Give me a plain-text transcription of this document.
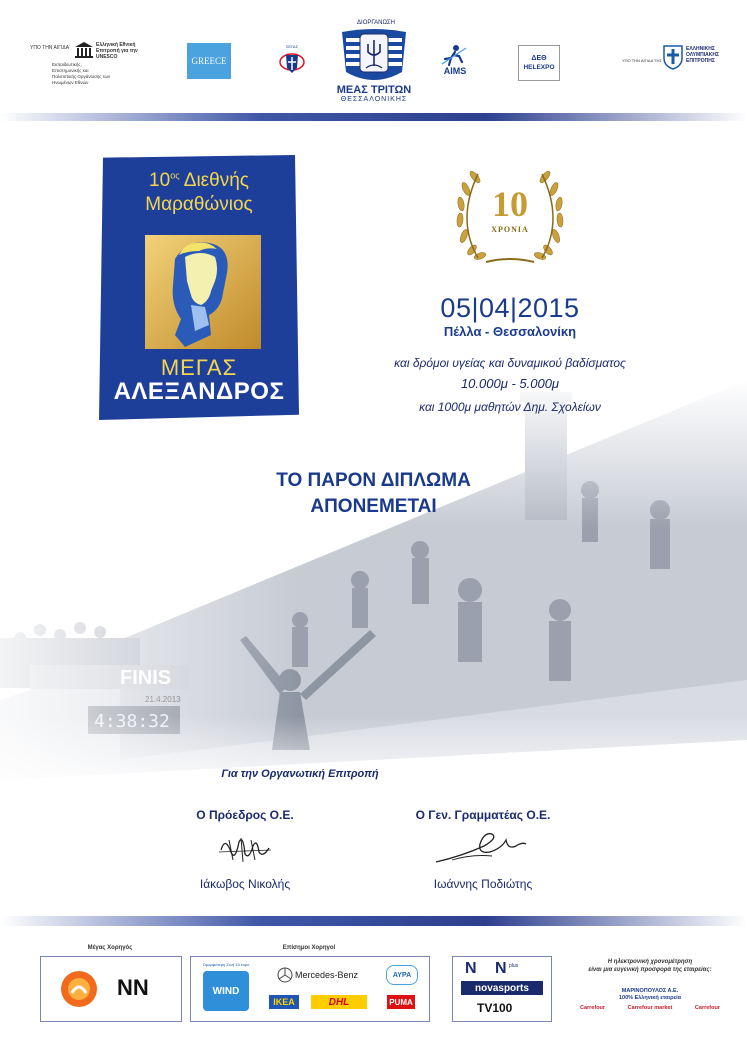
ΥΠΟ ΤΗΝ ΑΙΓΙΔΑ	Ελληνική Εθνική Επιτροπή για την UNESCO
Εκπαιδευτικής, Επιστημονικής και Πολιτιστικής Οργάνωσης των Ηνωμένων Εθνών
GREECE
ΣΕΓΑΣ
ΔΙΟΡΓΑΝΩΣΗ
ΜΕΑΣ ΤΡΙΤΩΝ
ΘΕΣΣΑΛΟΝΙΚΗΣ
AIMS
ΔΕΘ
HELEXPO
ΥΠΟ ΤΗΝ ΑΙΓΙΔΑ ΤΗΣ
ΕΛΛΗΝΙΚΗΣ ΟΛΥΜΠΙΑΚΗΣ ΕΠΙΤΡΟΠΗΣ
$10^{o\varsigma}$ Διεθνής
Μαραθώνιος
ΜΕΓΑΣ
ΑΛΕΞΑΝΔΡΟΣ
10
ΧΡΟΝΙΑ
05|04|2015
Πέλλα - Θεσσαλονίκη
και δρόμοι υγείας και δυναμικού βαδίσματος
10.000μ - 5.000μ
και 1000μ μαθητών Δημ. Σχολείων
ΤΟ ΠΑΡΟΝ ΔΙΠΛΩΜΑ
ΑΠΟΝΕΜΕΤΑΙ
Για την Οργανωτική Επιτροπή
Ο Πρόεδρος Ο.Ε.
Ιάκωβος Νικολής
Ο Γεν. Γραμματέας Ο.Ε.
Ιωάννης Ποδιώτης
Μέγας Χορηγός
NN
Επίσημοι Χορηγοί
Ομορφότερη Ζωή 15 εύρο
WIND
Mercedes-Benz	ΑΥΡΑ
IKEA	DHL	PUMA
N N plus
novasports
TV100
Η ηλεκτρονική χρονομέτρηση
είναι μια ευγενική προσφορά της εταιρείας:
ΜΑΡΙΝΟΠΟΥΛΟΣ Α.Ε.
100% Ελληνική εταιρεία
Carrefour	Carrefour market	Carrefour
